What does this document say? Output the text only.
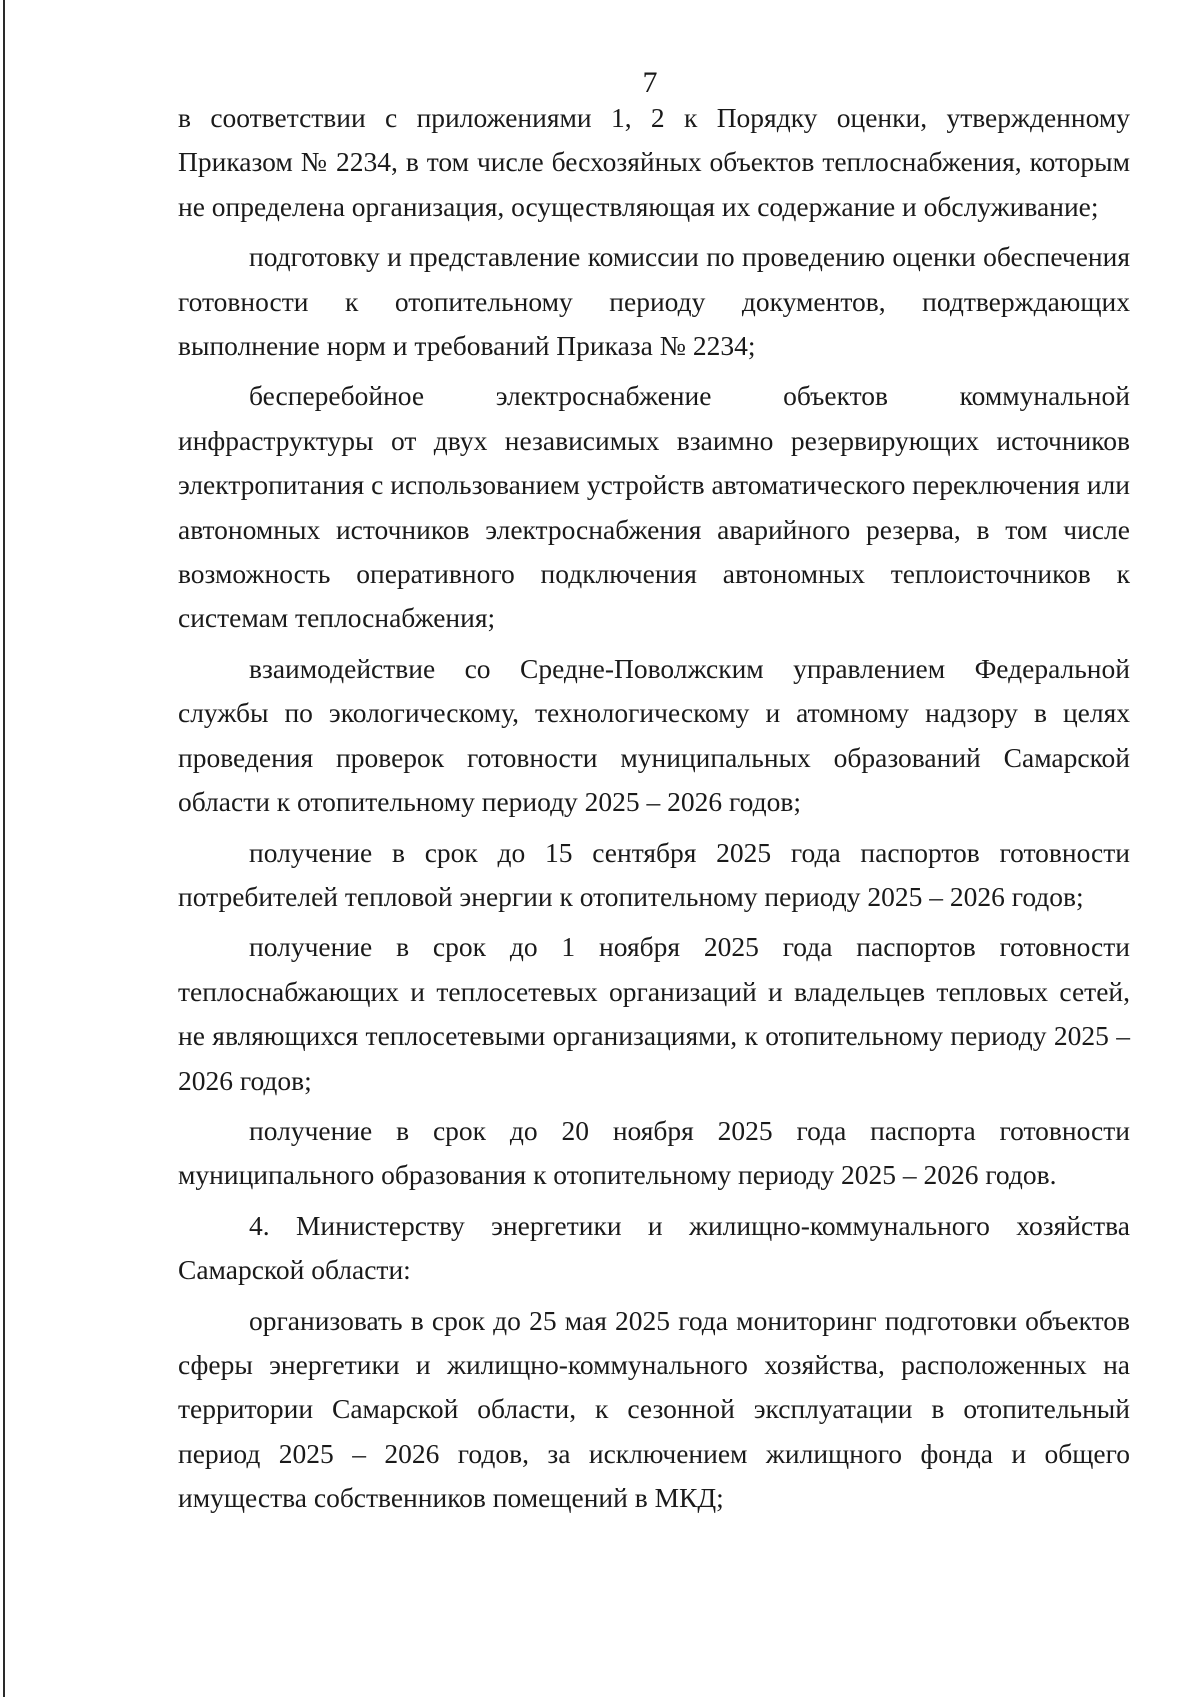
7

в соответствии с приложениями 1, 2 к Порядку оценки, утвержденному Приказом № 2234, в том числе бесхозяйных объектов теплоснабжения, которым не определена организация, осуществляющая их содержание и обслуживание;

подготовку и представление комиссии по проведению оценки обеспечения готовности к отопительному периоду документов, подтверждающих выполнение норм и требований Приказа № 2234;

бесперебойное электроснабжение объектов коммунальной инфраструктуры от двух независимых взаимно резервирующих источников электропитания с использованием устройств автоматического переключения или автономных источников электроснабжения аварийного резерва, в том числе возможность оперативного подключения автономных теплоисточников к системам теплоснабжения;

взаимодействие со Средне-Поволжским управлением Федеральной службы по экологическому, технологическому и атомному надзору в целях проведения проверок готовности муниципальных образований Самарской области к отопительному периоду 2025 – 2026 годов;

получение в срок до 15 сентября 2025 года паспортов готовности потребителей тепловой энергии к отопительному периоду 2025 – 2026 годов;

получение в срок до 1 ноября 2025 года паспортов готовности теплоснабжающих и теплосетевых организаций и владельцев тепловых сетей, не являющихся теплосетевыми организациями, к отопительному периоду 2025 – 2026 годов;

получение в срок до 20 ноября 2025 года паспорта готовности муниципального образования к отопительному периоду 2025 – 2026 годов.

4. Министерству энергетики и жилищно-коммунального хозяйства Самарской области:

организовать в срок до 25 мая 2025 года мониторинг подготовки объектов сферы энергетики и жилищно-коммунального хозяйства, расположенных на территории Самарской области, к сезонной эксплуатации в отопительный период 2025 – 2026 годов, за исключением жилищного фонда и общего имущества собственников помещений в МКД;
